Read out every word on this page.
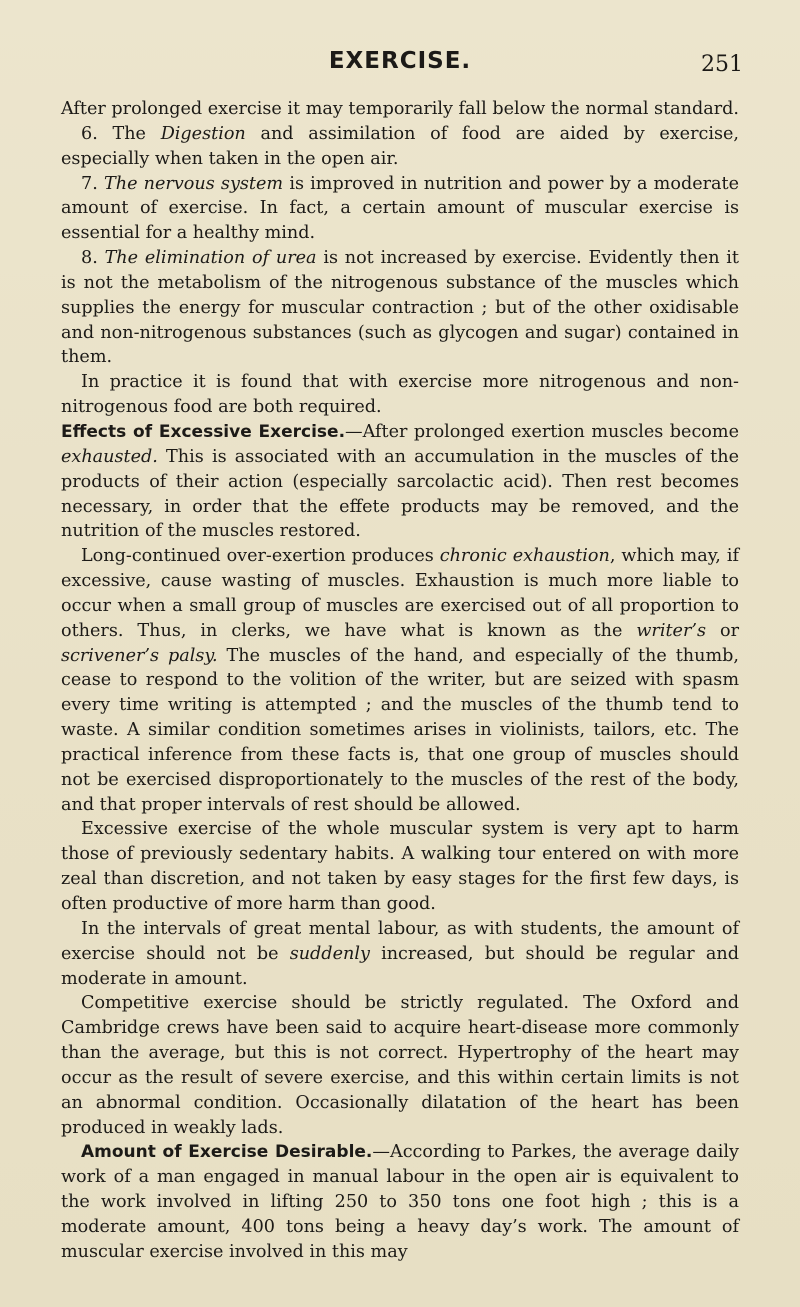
EXERCISE.	251

After prolonged exercise it may temporarily fall below the normal standard.

6. The Digestion and assimilation of food are aided by exercise, especially when taken in the open air.

7. The nervous system is improved in nutrition and power by a moderate amount of exercise. In fact, a certain amount of muscular exercise is essential for a healthy mind.

8. The elimination of urea is not increased by exercise. Evidently then it is not the metabolism of the nitrogenous substance of the muscles which supplies the energy for muscular contraction ; but of the other oxidisable and non-nitrogenous substances (such as glycogen and sugar) contained in them.

In practice it is found that with exercise more nitrogenous and non-nitrogenous food are both required.

Effects of Excessive Exercise.—After prolonged exertion muscles become exhausted. This is associated with an accumulation in the muscles of the products of their action (especially sarcolactic acid). Then rest becomes necessary, in order that the effete products may be removed, and the nutrition of the muscles restored.

Long-continued over-exertion produces chronic exhaustion, which may, if excessive, cause wasting of muscles. Exhaustion is much more liable to occur when a small group of muscles are exercised out of all proportion to others. Thus, in clerks, we have what is known as the writer’s or scrivener’s palsy. The muscles of the hand, and especially of the thumb, cease to respond to the volition of the writer, but are seized with spasm every time writing is attempted ; and the muscles of the thumb tend to waste. A similar condition sometimes arises in violinists, tailors, etc. The practical inference from these facts is, that one group of muscles should not be exercised disproportionately to the muscles of the rest of the body, and that proper intervals of rest should be allowed.

Excessive exercise of the whole muscular system is very apt to harm those of previously sedentary habits. A walking tour entered on with more zeal than discretion, and not taken by easy stages for the first few days, is often productive of more harm than good.

In the intervals of great mental labour, as with students, the amount of exercise should not be suddenly increased, but should be regular and moderate in amount.

Competitive exercise should be strictly regulated. The Oxford and Cambridge crews have been said to acquire heart-disease more commonly than the average, but this is not correct. Hypertrophy of the heart may occur as the result of severe exercise, and this within certain limits is not an abnormal condition. Occasionally dilatation of the heart has been produced in weakly lads.

Amount of Exercise Desirable.—According to Parkes, the average daily work of a man engaged in manual labour in the open air is equivalent to the work involved in lifting 250 to 350 tons one foot high ; this is a moderate amount, 400 tons being a heavy day’s work. The amount of muscular exercise involved in this may
